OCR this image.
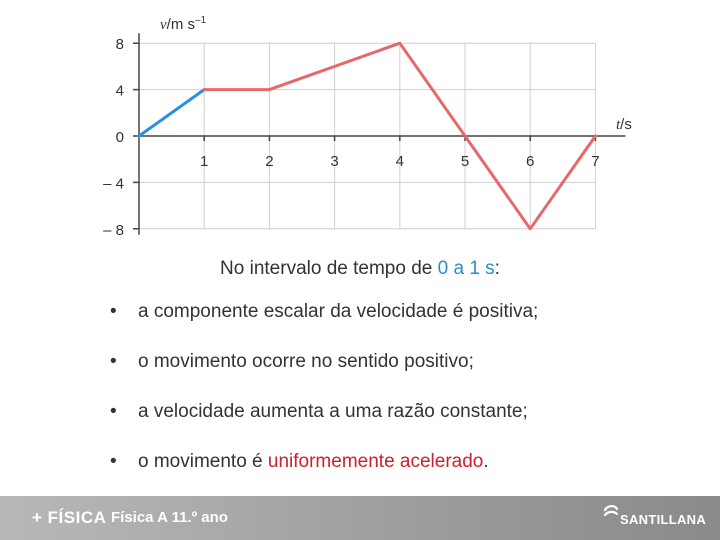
8
4
0
– 4
– 8
1	2	3	4	5	6	7
v/m $s^{-1}$
t/s
No intervalo de tempo de 0 a 1 s:
• a componente escalar da velocidade é positiva;
• o movimento ocorre no sentido positivo;
• a velocidade aumenta a uma razão constante;
• o movimento é uniformemente acelerado.
+ FÍSICA Física A 11.º ano	SANTILLANA
